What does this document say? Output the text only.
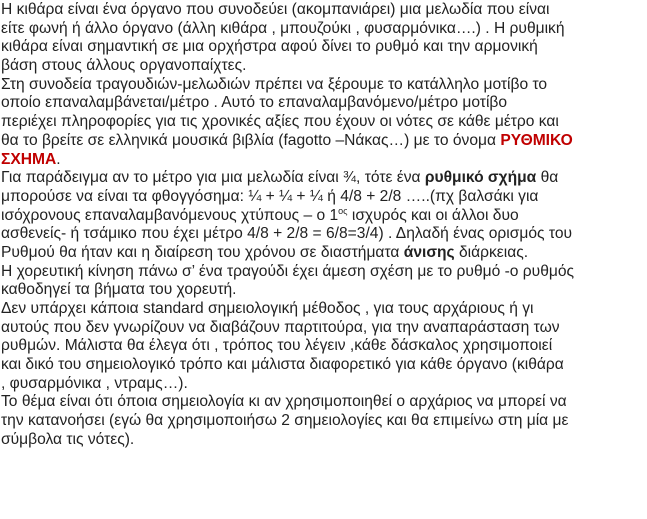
Η κιθάρα είναι ένα όργανο που συνοδεύει (ακομπανιάρει) μια μελωδία που είναι
είτε φωνή ή άλλο όργανο (άλλη κιθάρα , μπουζούκι , φυσαρμόνικα….) . Η ρυθμική
κιθάρα είναι σημαντική σε μια ορχήστρα αφού δίνει το ρυθμό και την αρμονική
βάση στους άλλους οργανοπαίχτες.

Στη συνοδεία τραγουδιών-μελωδιών πρέπει να ξέρουμε το κατάλληλο μοτίβο το
οποίο επαναλαμβάνεται/μέτρο . Αυτό το επαναλαμβανόμενο/μέτρο μοτίβο
περιέχει πληροφορίες για τις χρονικές αξίες που έχουν οι νότες σε κάθε μέτρο και
θα το βρείτε σε ελληνικά μουσικά βιβλία (fagotto –Νάκας…) με το όνομα ΡΥΘΜΙΚΟ
ΣΧΗΜΑ.

Για παράδειγμα αν το μέτρο για μια μελωδία είναι ¾, τότε ένα ρυθμικό σχήμα θα
μπορούσε να είναι τα φθογγόσημα: ¼ + ¼ + ¼ ή 4/8 + 2/8 …..(πχ βαλσάκι για
ισόχρονους επαναλαμβανόμενους χτύπους – ο $1^{o\varsigma}$ ισχυρός και οι άλλοι δυο
ασθενείς- ή τσάμικο που έχει μέτρο 4/8 + 2/8 = 6/8=3/4) . Δηλαδή ένας ορισμός του
Ρυθμού θα ήταν και η διαίρεση του χρόνου σε διαστήματα άνισης διάρκειας.

Η χορευτική κίνηση πάνω σ’ ένα τραγούδι έχει άμεση σχέση με το ρυθμό -ο ρυθμός
καθοδηγεί τα βήματα του χορευτή.

Δεν υπάρχει κάποια standard σημειολογική μέθοδος , για τους αρχάριους ή γι
αυτούς που δεν γνωρίζουν να διαβάζουν παρτιτούρα, για την αναπαράσταση των
ρυθμών. Μάλιστα θα έλεγα ότι , τρόπος του λέγειν ,κάθε δάσκαλος χρησιμοποιεί
και δικό του σημειολογικό τρόπο και μάλιστα διαφορετικό για κάθε όργανο (κιθάρα
, φυσαρμόνικα , ντραμς…).

Το θέμα είναι ότι όποια σημειολογία κι αν χρησιμοποιηθεί ο αρχάριος να μπορεί να
την κατανοήσει (εγώ θα χρησιμοποιήσω 2 σημειολογίες και θα επιμείνω στη μία με
σύμβολα τις νότες).
